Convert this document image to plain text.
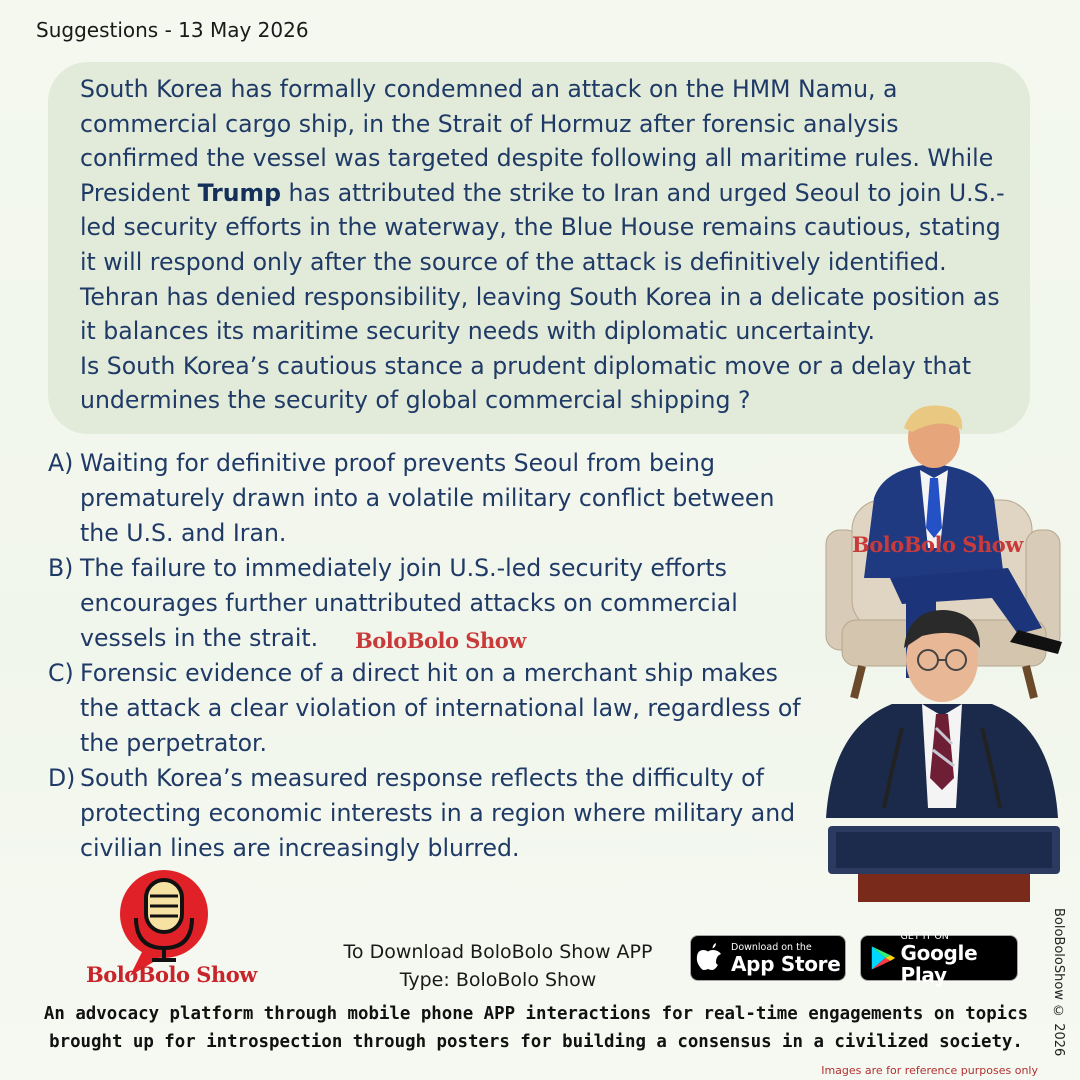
Suggestions - 13 May 2026

South Korea has formally condemned an attack on the HMM Namu, a commercial cargo ship, in the Strait of Hormuz after forensic analysis confirmed the vessel was targeted despite following all maritime rules. While President Trump has attributed the strike to Iran and urged Seoul to join U.S.-led security efforts in the waterway, the Blue House remains cautious, stating it will respond only after the source of the attack is definitively identified. Tehran has denied responsibility, leaving South Korea in a delicate position as it balances its maritime security needs with diplomatic uncertainty.
Is South Korea’s cautious stance a prudent diplomatic move or a delay that undermines the security of global commercial shipping ?

A) Waiting for definitive proof prevents Seoul from being prematurely drawn into a volatile military conflict between the U.S. and Iran.
B) The failure to immediately join U.S.-led security efforts encourages further unattributed attacks on commercial vessels in the strait.
C) Forensic evidence of a direct hit on a merchant ship makes the attack a clear violation of international law, regardless of the perpetrator.
D) South Korea’s measured response reflects the difficulty of protecting economic interests in a region where military and civilian lines are increasingly blurred.
BoloBolo Show
BoloBolo Show
BoloBolo Show
To Download BoloBolo Show APP
Type: BoloBolo Show
Download on the
App Store
GET IT ON
Google Play
An advocacy platform through mobile phone APP interactions for real-time engagements on topics
brought up for introspection through posters for building a consensus in a civilized society.	BoloBoloShow © 2026
Images are for reference purposes only
